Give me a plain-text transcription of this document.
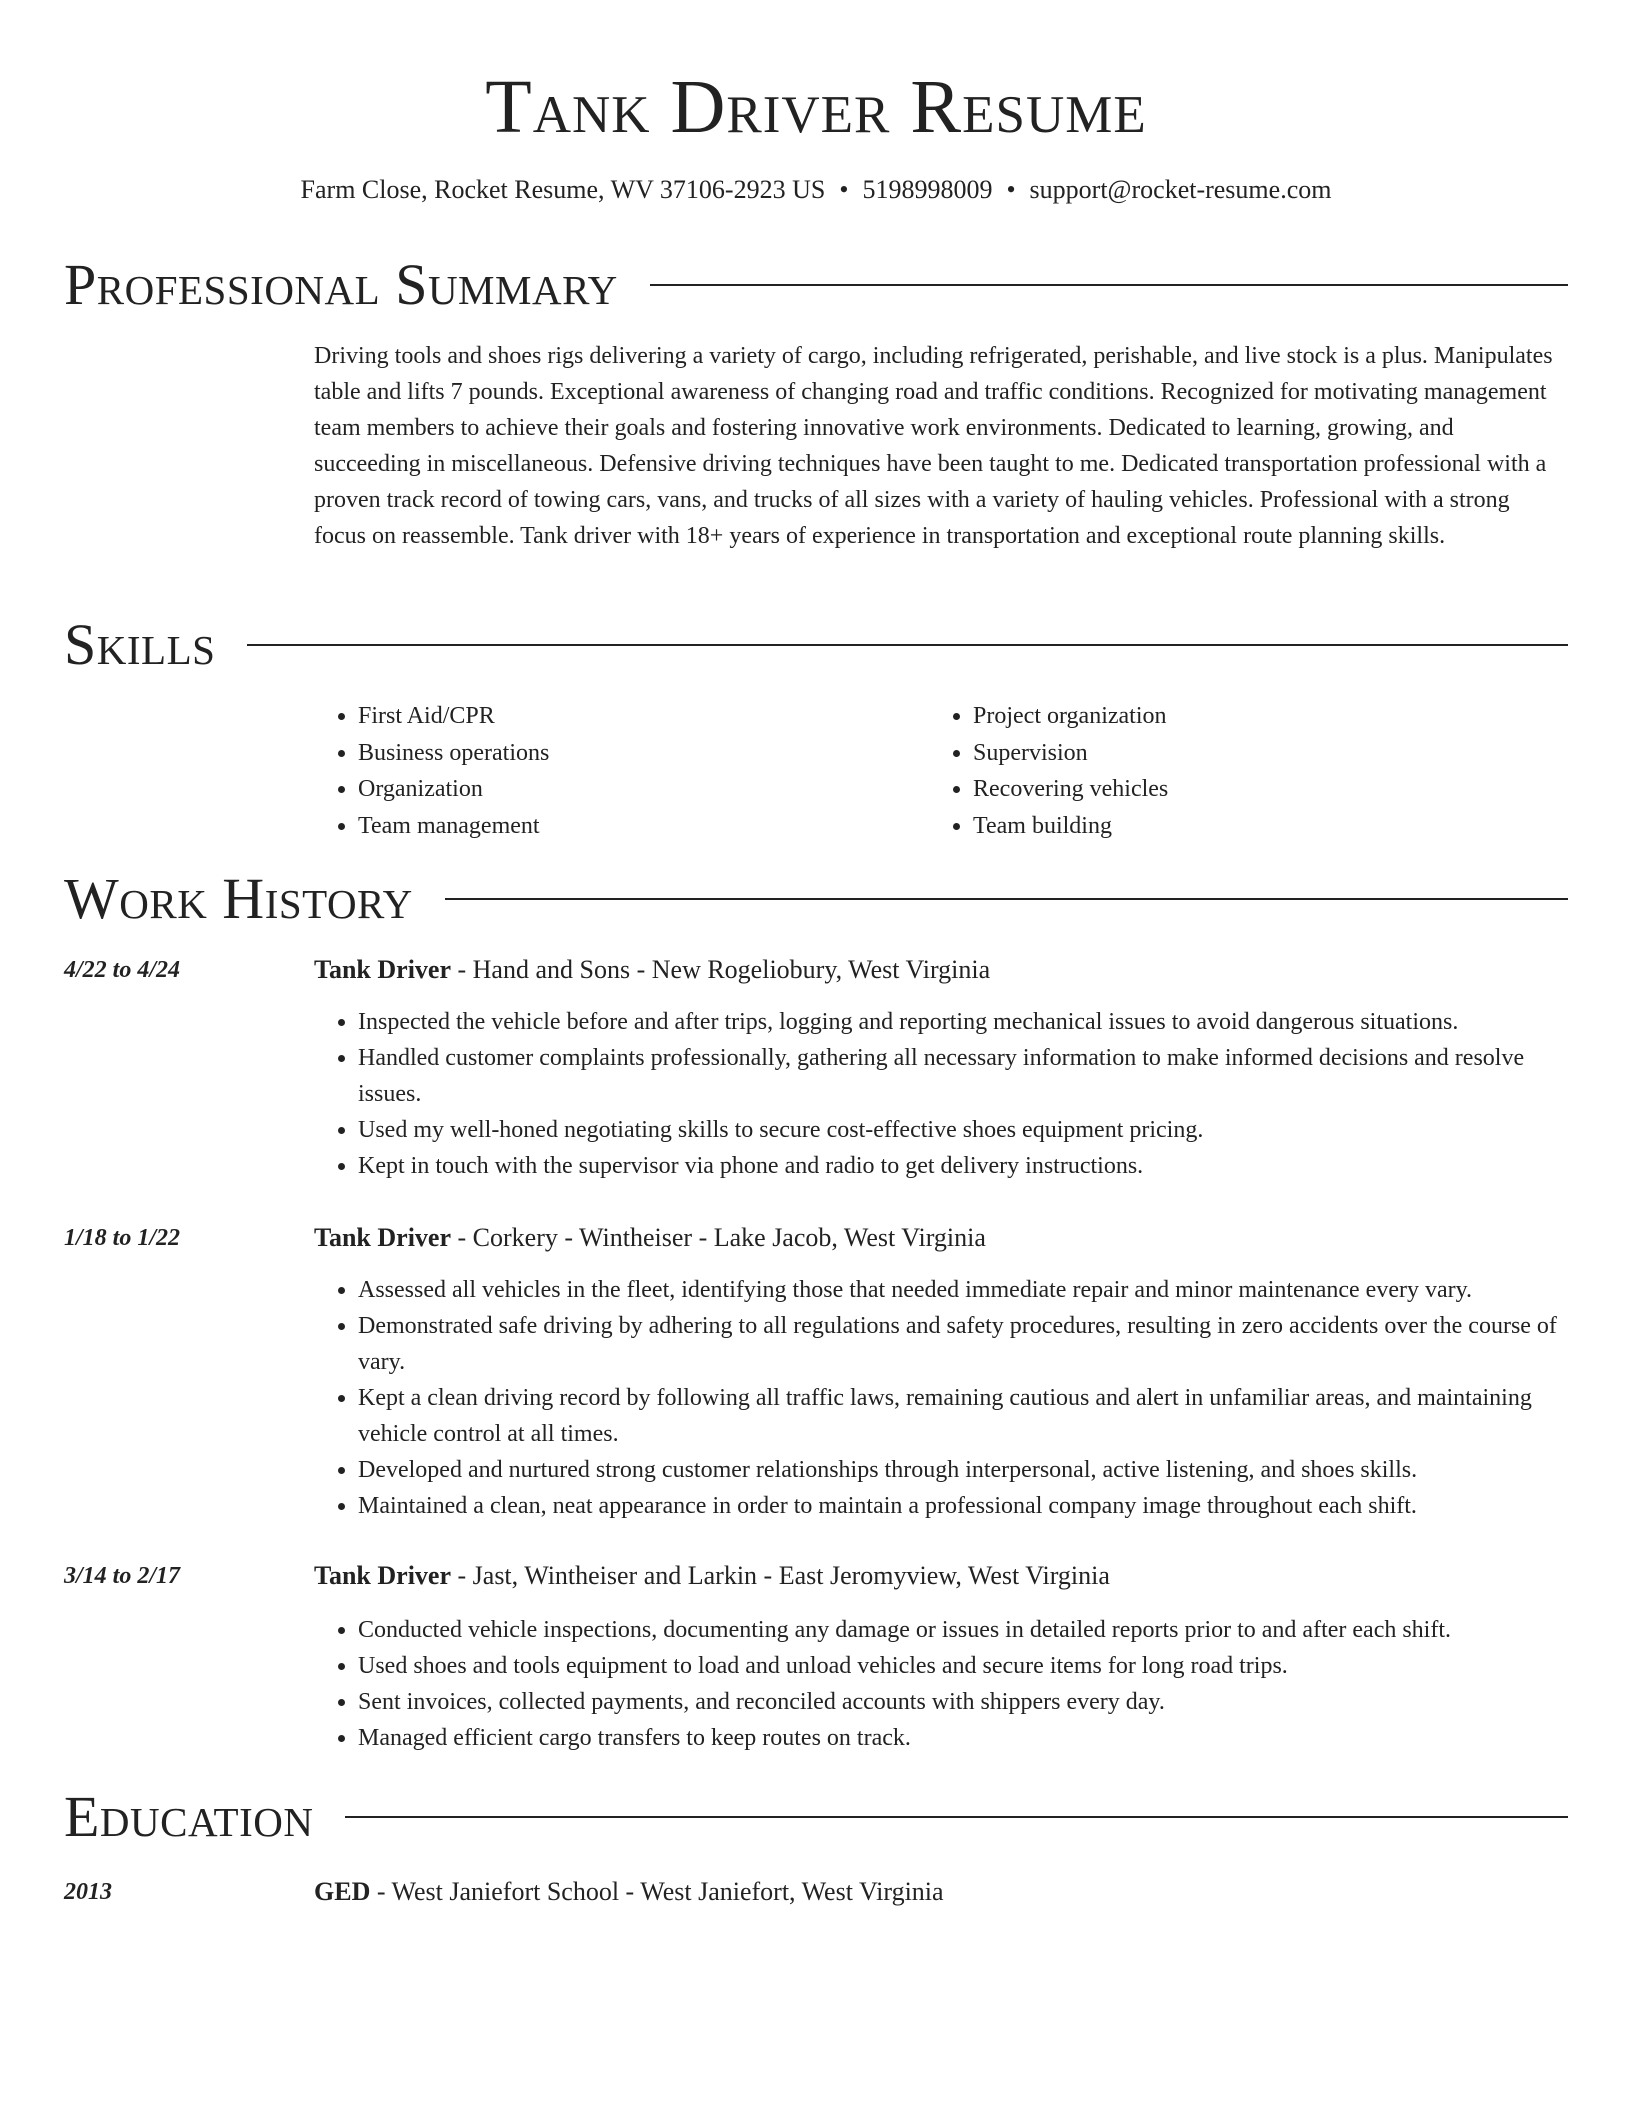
Tank Driver Resume
Farm Close, Rocket Resume, WV 37106-2923 US • 5198998009 • support@rocket-resume.com
Professional Summary
Driving tools and shoes rigs delivering a variety of cargo, including refrigerated, perishable, and live stock is a plus. Manipulates table and lifts 7 pounds. Exceptional awareness of changing road and traffic conditions. Recognized for motivating management team members to achieve their goals and fostering innovative work environments. Dedicated to learning, growing, and succeeding in miscellaneous. Defensive driving techniques have been taught to me. Dedicated transportation professional with a proven track record of towing cars, vans, and trucks of all sizes with a variety of hauling vehicles. Professional with a strong focus on reassemble. Tank driver with 18+ years of experience in transportation and exceptional route planning skills.
Skills
• First Aid/CPR
• Business operations
• Organization
• Team management
• Project organization
• Supervision
• Recovering vehicles
• Team building
Work History
4/22 to 4/24	Tank Driver - Hand and Sons - New Rogeliobury, West Virginia
• Inspected the vehicle before and after trips, logging and reporting mechanical issues to avoid dangerous situations.
• Handled customer complaints professionally, gathering all necessary information to make informed decisions and resolve issues.
• Used my well-honed negotiating skills to secure cost-effective shoes equipment pricing.
• Kept in touch with the supervisor via phone and radio to get delivery instructions.
1/18 to 1/22	Tank Driver - Corkery - Wintheiser - Lake Jacob, West Virginia
• Assessed all vehicles in the fleet, identifying those that needed immediate repair and minor maintenance every vary.
• Demonstrated safe driving by adhering to all regulations and safety procedures, resulting in zero accidents over the course of vary.
• Kept a clean driving record by following all traffic laws, remaining cautious and alert in unfamiliar areas, and maintaining vehicle control at all times.
• Developed and nurtured strong customer relationships through interpersonal, active listening, and shoes skills.
• Maintained a clean, neat appearance in order to maintain a professional company image throughout each shift.
3/14 to 2/17	Tank Driver - Jast, Wintheiser and Larkin - East Jeromyview, West Virginia
• Conducted vehicle inspections, documenting any damage or issues in detailed reports prior to and after each shift.
• Used shoes and tools equipment to load and unload vehicles and secure items for long road trips.
• Sent invoices, collected payments, and reconciled accounts with shippers every day.
• Managed efficient cargo transfers to keep routes on track.
Education
2013	GED - West Janiefort School - West Janiefort, West Virginia
